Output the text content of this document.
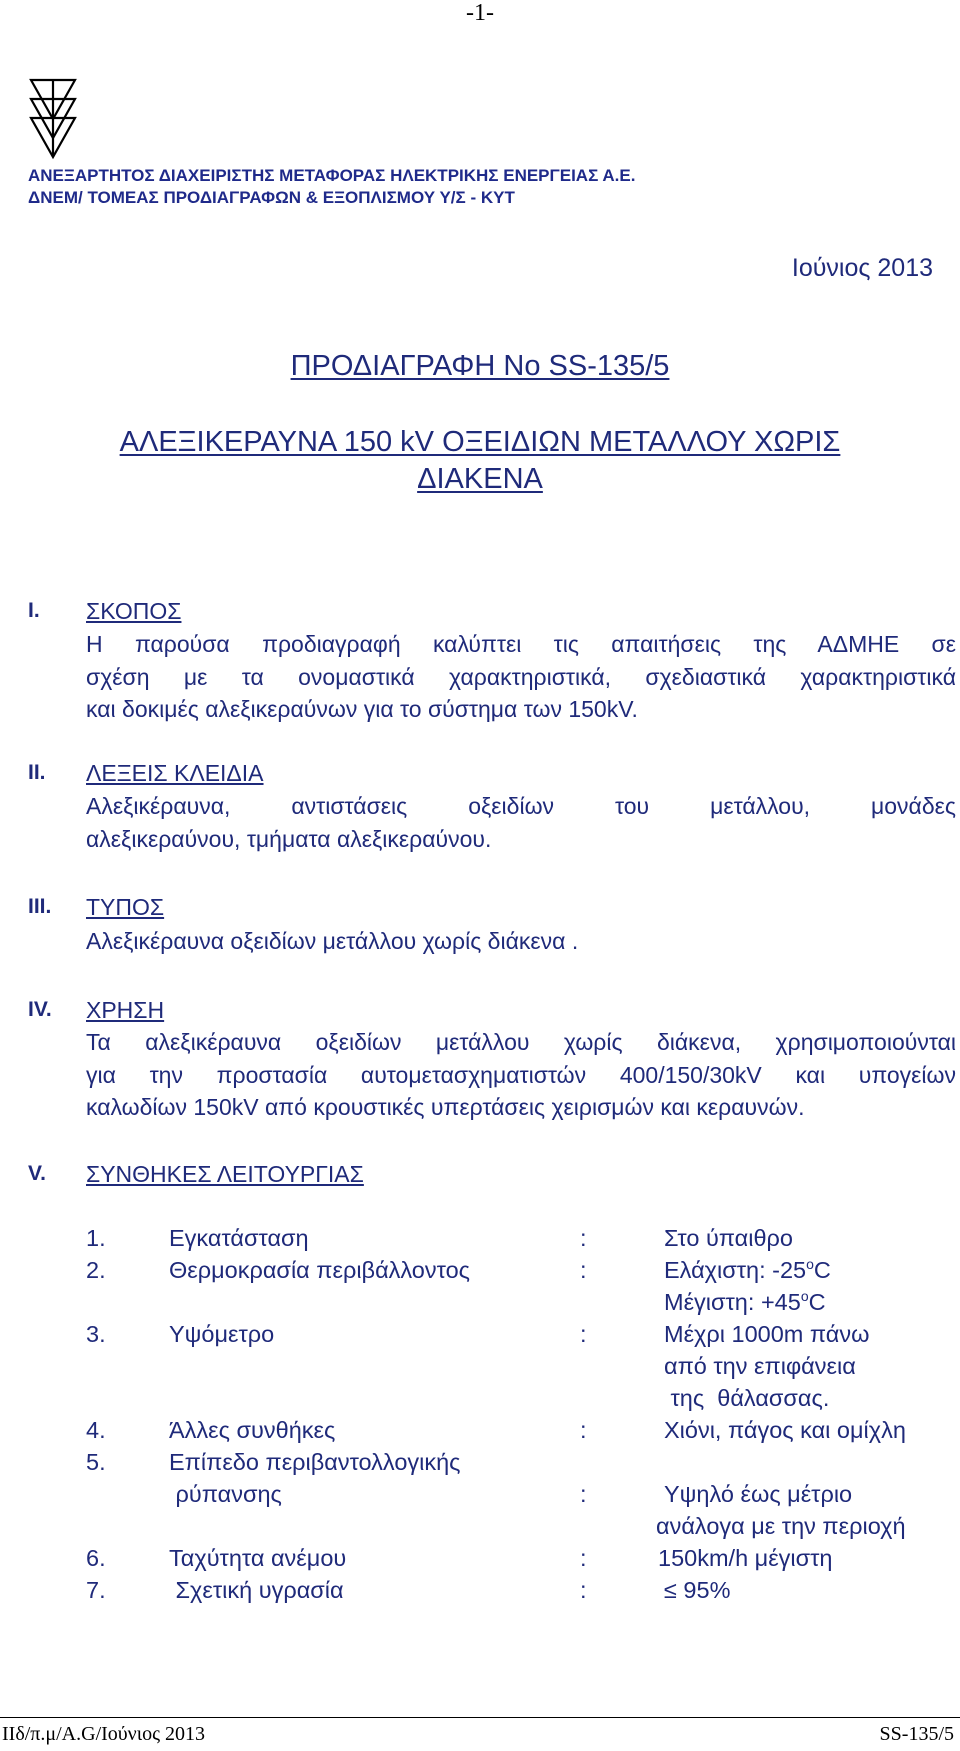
-1-
ΑΝΕΞΑΡΤΗΤΟΣ ΔΙΑΧΕΙΡΙΣΤΗΣ ΜΕΤΑΦΟΡΑΣ ΗΛΕΚΤΡΙΚΗΣ ΕΝΕΡΓΕΙΑΣ Α.Ε.
ΔΝΕΜ/ ΤΟΜΕΑΣ ΠΡΟΔΙΑΓΡΑΦΩΝ & ΕΞΟΠΛΙΣΜΟΥ Υ/Σ - ΚΥΤ
Ιούνιος 2013
ΠΡΟΔΙΑΓΡΑΦΗ No SS-135/5
ΑΛΕΞΙΚΕΡΑΥΝΑ 150 kV ΟΞΕΙΔΙΩΝ ΜΕΤΑΛΛΟΥ ΧΩΡΙΣ
ΔΙΑΚΕΝΑ
I. ΣΚΟΠΟΣ
Η παρούσα προδιαγραφή καλύπτει τις απαιτήσεις της ΑΔΜΗΕ σε
σχέση με τα ονομαστικά χαρακτηριστικά, σχεδιαστικά χαρακτηριστικά
και δοκιμές αλεξικεραύνων για το σύστημα των 150kV.
II. ΛΕΞΕΙΣ ΚΛΕΙΔΙΑ
Αλεξικέραυνα, αντιστάσεις οξειδίων του μετάλλου, μονάδες
αλεξικεραύνου, τμήματα αλεξικεραύνου.
III. ΤΥΠΟΣ
Αλεξικέραυνα οξειδίων μετάλλου χωρίς διάκενα .
IV. ΧΡΗΣΗ
Τα αλεξικέραυνα οξειδίων μετάλλου χωρίς διάκενα, χρησιμοποιούνται
για την προστασία αυτομετασχηματιστών 400/150/30kV και υπογείων
καλωδίων 150kV από κρουστικές υπερτάσεις χειρισμών και κεραυνών.
V. ΣΥΝΘΗΚΕΣ ΛΕΙΤΟΥΡΓΙΑΣ
1.	Εγκατάσταση	:	Στο ύπαιθρο
2.	Θερμοκρασία περιβάλλοντος	:	Ελάχιστη: -25$^o$C
Μέγιστη: $+45^oC$
3.	Υψόμετρο	:	Μέχρι 1000m πάνω
από την επιφάνεια
της  θάλασσας.
4.	Άλλες συνθήκες	:	Χιόνι, πάγος και ομίχλη
5.	Επίπεδο περιβαντολλογικής
ρύπανσης	:	Υψηλό έως μέτριο
ανάλογα με την περιοχή
6.	Ταχύτητα ανέμου	:	150km/h μέγιστη
7.	Σχετική υγρασία	:	≤ 95%
ΙΙδ/π.μ/Α.G/Ιούνιος 2013	SS-135/5
